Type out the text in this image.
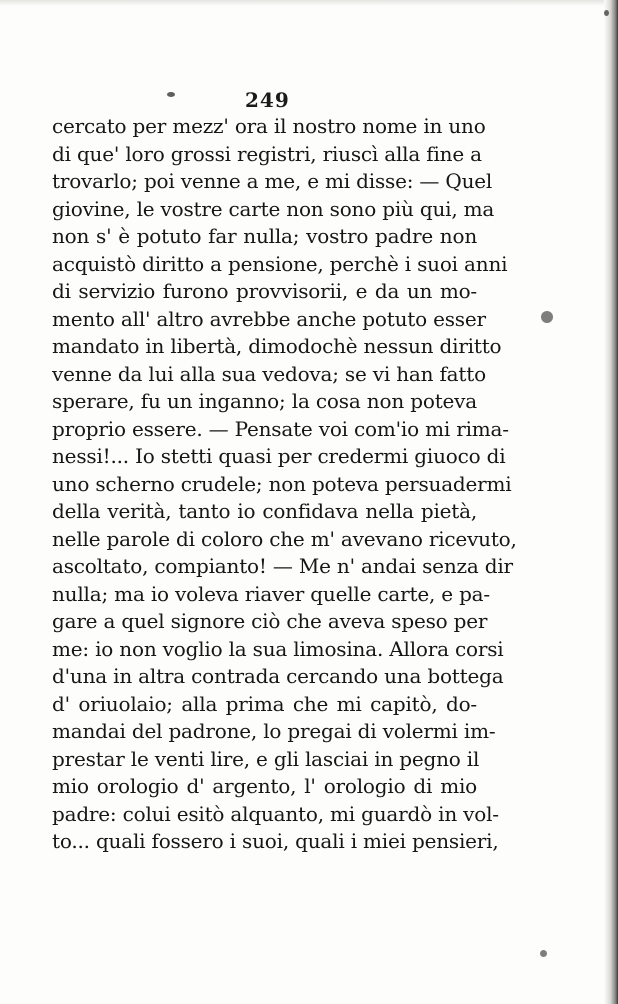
249
cercato per mezz' ora il nostro nome in uno
di que' loro grossi registri, riuscì alla fine a
trovarlo; poi venne a me, e mi disse: — Quel
giovine, le vostre carte non sono più qui, ma
non s' è potuto far nulla; vostro padre non
acquistò diritto a pensione, perchè i suoi anni
di servizio furono provvisorii, e da un mo-
mento all' altro avrebbe anche potuto esser
mandato in libertà, dimodochè nessun diritto
venne da lui alla sua vedova; se vi han fatto
sperare, fu un inganno; la cosa non poteva
proprio essere. — Pensate voi com'io mi rima-
nessi!... Io stetti quasi per credermi giuoco di
uno scherno crudele; non poteva persuadermi
della verità, tanto io confidava nella pietà,
nelle parole di coloro che m' avevano ricevuto,
ascoltato, compianto! — Me n' andai senza dir
nulla; ma io voleva riaver quelle carte, e pa-
gare a quel signore ciò che aveva speso per
me: io non voglio la sua limosina. Allora corsi
d'una in altra contrada cercando una bottega
d' oriuolaio; alla prima che mi capitò, do-
mandai del padrone, lo pregai di volermi im-
prestar le venti lire, e gli lasciai in pegno il
mio orologio d' argento, l' orologio di mio
padre: colui esitò alquanto, mi guardò in vol-
to... quali fossero i suoi, quali i miei pensieri,
